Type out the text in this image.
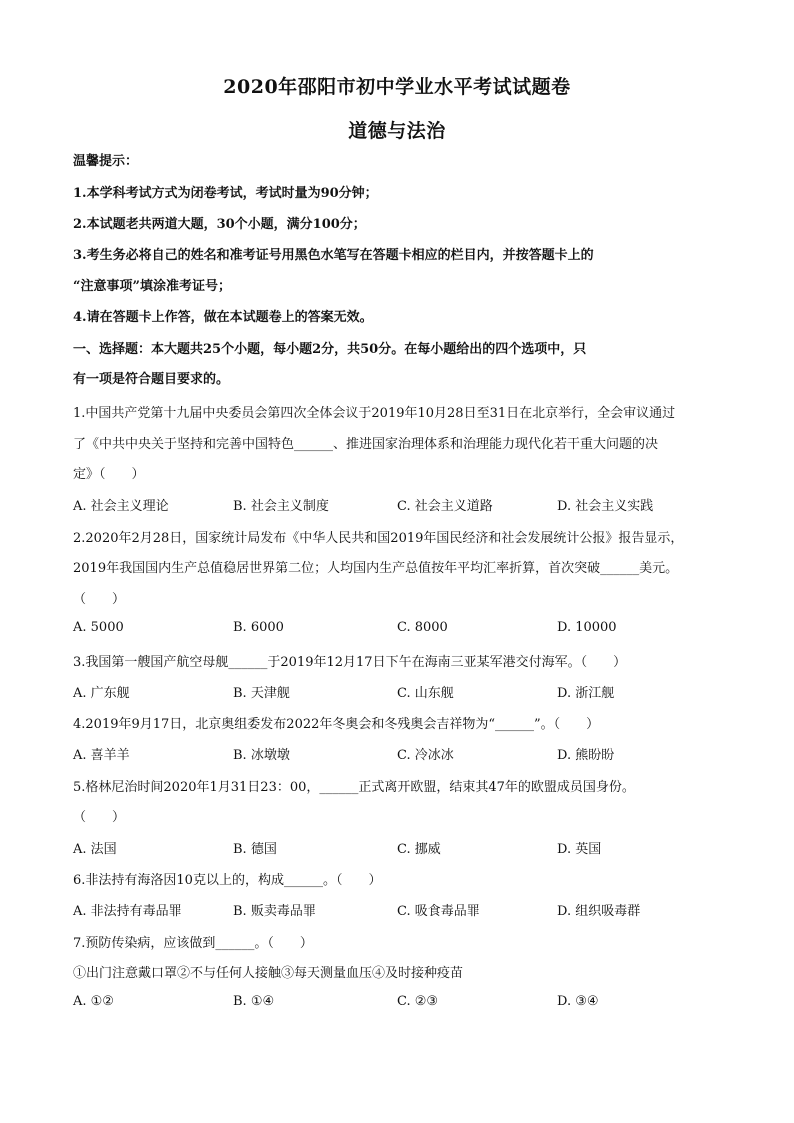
2020年邵阳市初中学业水平考试试题卷
道德与法治
温馨提示：
1.本学科考试方式为闭卷考试，考试时量为90分钟；
2.本试题老共两道大题，30个小题，满分100分；
3.考生务必将自己的姓名和准考证号用黑色水笔写在答题卡相应的栏目内，并按答题卡上的
“注意事项”填涂准考证号；
4.请在答题卡上作答，做在本试题卷上的答案无效。
一、选择题：本大题共25个小题，每小题2分，共50分。在每小题给出的四个选项中，只
有一项是符合题目要求的。
1.中国共产党第十九届中央委员会第四次全体会议于2019年10月28日至31日在北京举行，全会审议通过
了《中共中央关于坚持和完善中国特色______、推进国家治理体系和治理能力现代化若干重大问题的决
定》（　　）
A. 社会主义理论	B. 社会主义制度	C. 社会主义道路	D. 社会主义实践
2.2020年2月28日，国家统计局发布《中华人民共和国2019年国民经济和社会发展统计公报》报告显示，
2019年我国国内生产总值稳居世界第二位；人均国内生产总值按年平均汇率折算，首次突破______美元。
（　　）
A. 5000	B. 6000	C. 8000	D. 10000
3.我国第一艘国产航空母舰______于2019年12月17日下午在海南三亚某军港交付海军。（　　）
A. 广东舰	B. 天津舰	C. 山东舰	D. 浙江舰
4.2019年9月17日，北京奥组委发布2022年冬奥会和冬残奥会吉祥物为“______”。（　　）
A. 喜羊羊	B. 冰墩墩	C. 冷冰冰	D. 熊盼盼
5.格林尼治时间2020年1月31日23：00，______正式离开欧盟，结束其47年的欧盟成员国身份。
（　　）
A. 法国	B. 德国	C. 挪威	D. 英国
6.非法持有海洛因10克以上的，构成______。（　　）
A. 非法持有毒品罪	B. 贩卖毒品罪	C. 吸食毒品罪	D. 组织吸毒群
7.预防传染病，应该做到______。（　　）
①出门注意戴口罩②不与任何人接触③每天测量血压④及时接种疫苗
A. ①②	B. ①④	C. ②③	D. ③④
